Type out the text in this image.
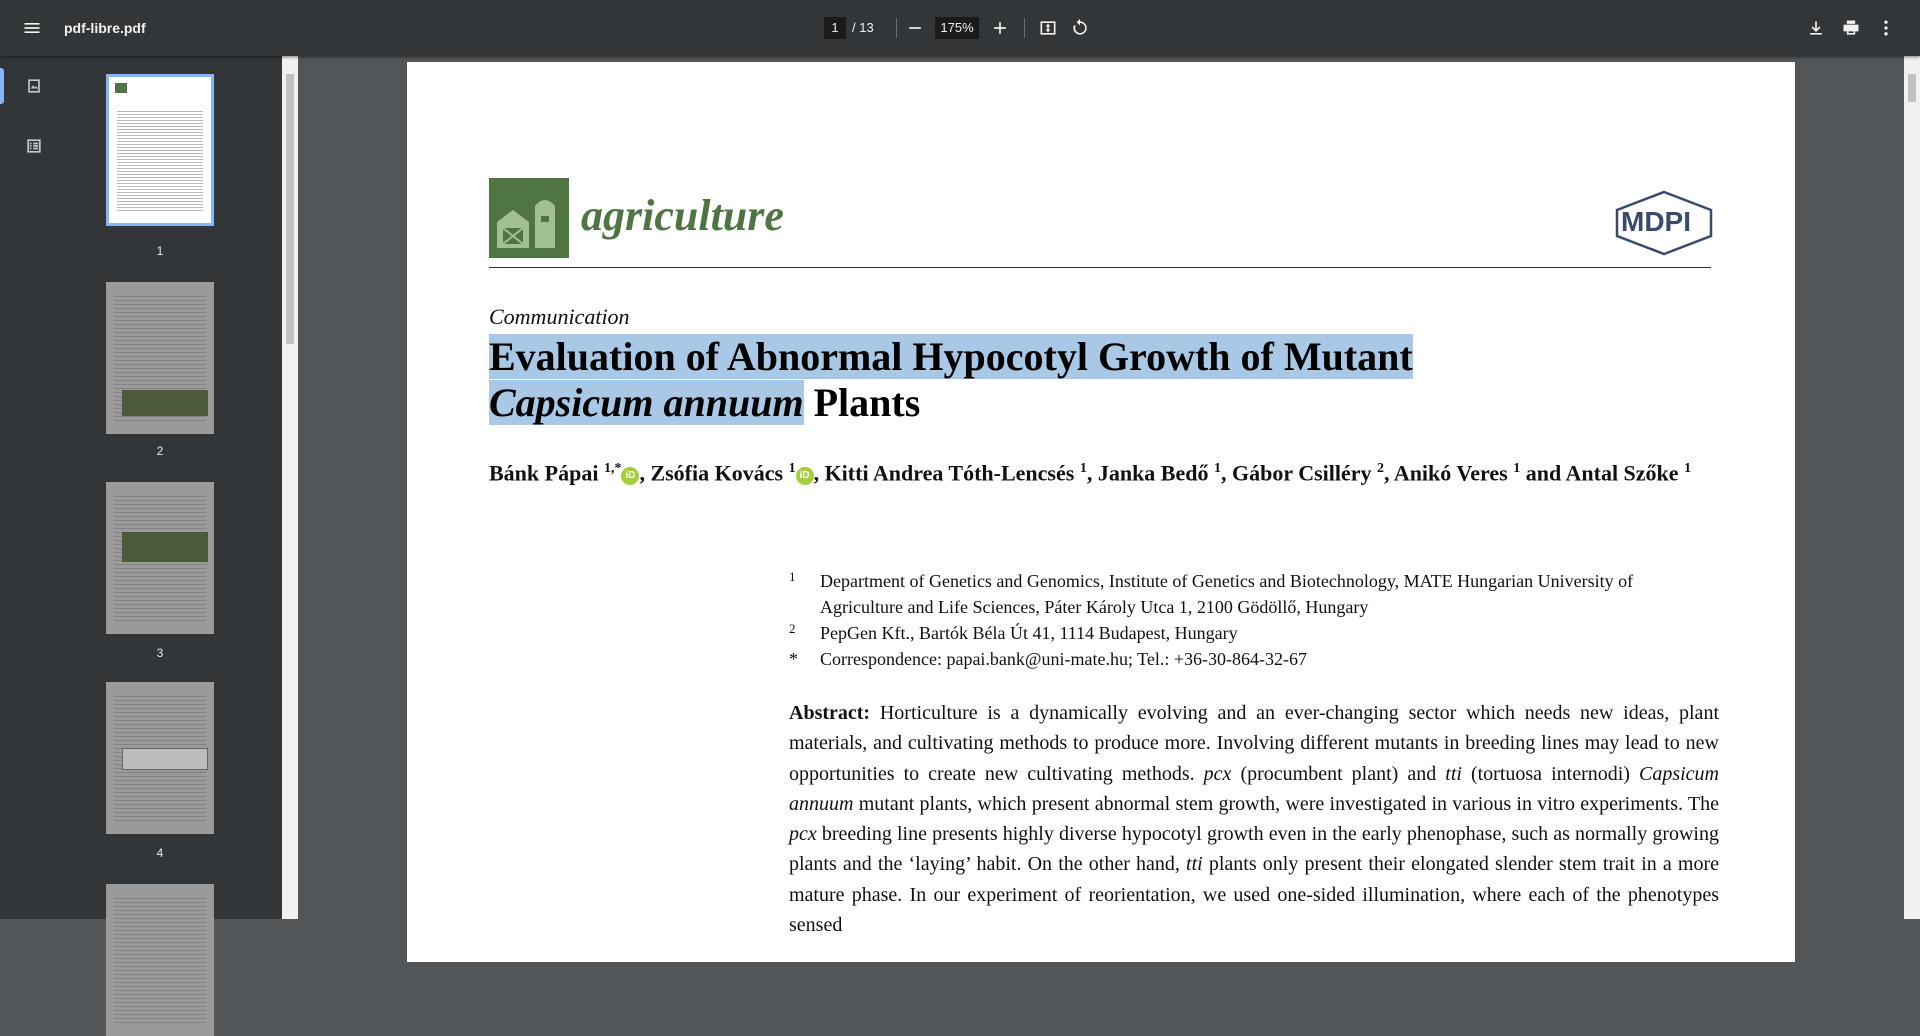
pdf-libre.pdf	1	/ 13	175%
1
2
3
4
agriculture	MDPI
Communication
Evaluation of Abnormal Hypocotyl Growth of Mutant
Capsicum annuum Plants
Bánk Pápai $^{1,*}$ iD , Zsófia Kovács $^1$ iD , Kitti Andrea Tóth-Lencsés $^1$, Janka Bedő $^1$, Gábor Csilléry $^2$, Anikó Veres $^1$ and Antal Szőke $^1$
1 Department of Genetics and Genomics, Institute of Genetics and Biotechnology, MATE Hungarian University of Agriculture and Life Sciences, Páter Károly Utca 1, 2100 Gödöllő, Hungary
2 PepGen Kft., Bartók Béla Út 41, 1114 Budapest, Hungary
* Correspondence: papai.bank@uni-mate.hu; Tel.: +36-30-864-32-67
Abstract: Horticulture is a dynamically evolving and an ever-changing sector which needs new ideas, plant materials, and cultivating methods to produce more. Involving different mutants in breeding lines may lead to new opportunities to create new cultivating methods. pcx (procumbent plant) and tti (tortuosa internodi) Capsicum annuum mutant plants, which present abnormal stem growth, were investigated in various in vitro experiments. The pcx breeding line presents highly diverse hypocotyl growth even in the early phenophase, such as normally growing plants and the ‘laying’ habit. On the other hand, tti plants only present their elongated slender stem trait in a more mature phase. In our experiment of reorientation, we used one-sided illumination, where each of the phenotypes sensed
